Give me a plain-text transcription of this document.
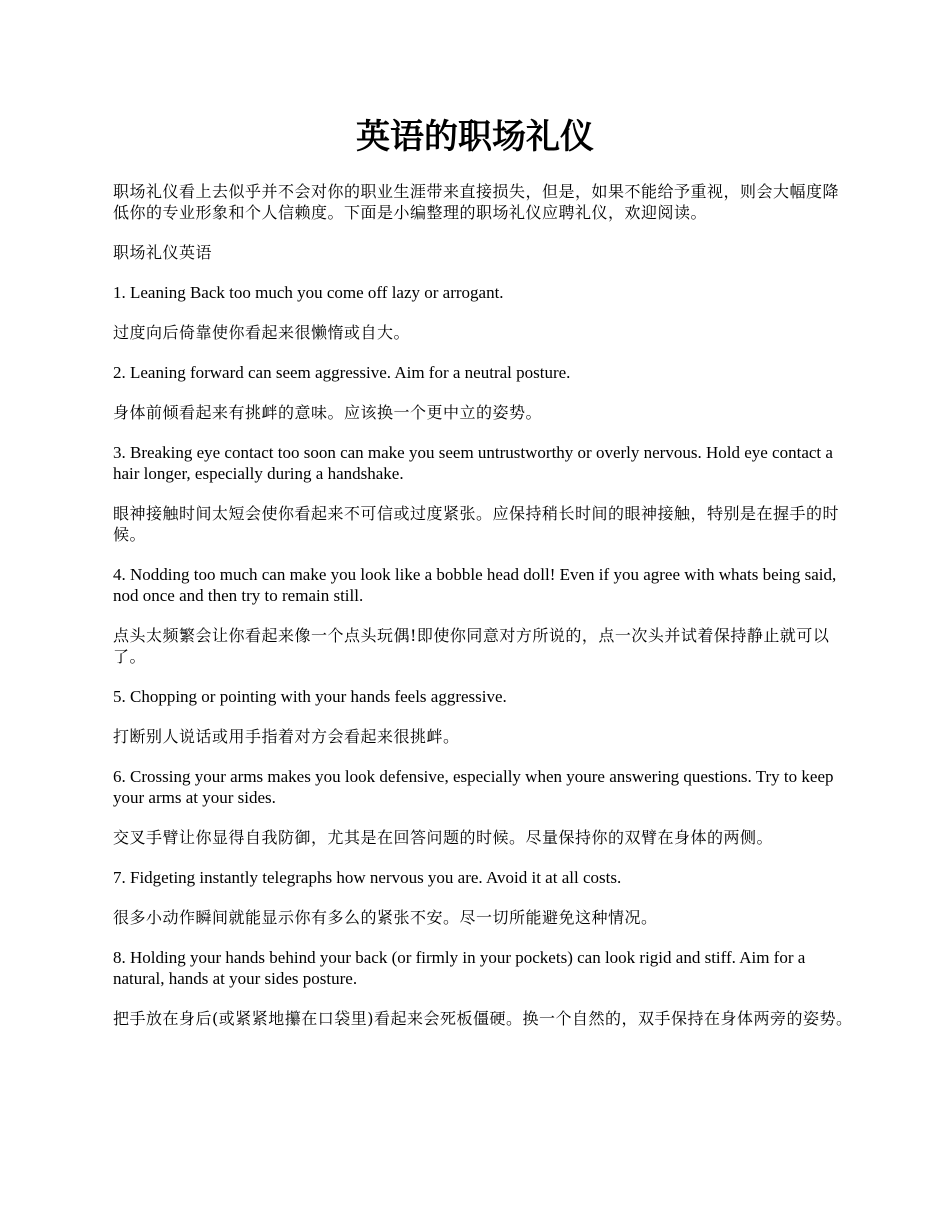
英语的职场礼仪

职场礼仪看上去似乎并不会对你的职业生涯带来直接损失，但是，如果不能给予重视，则会大幅度降低你的专业形象和个人信赖度。下面是小编整理的职场礼仪应聘礼仪，欢迎阅读。

职场礼仪英语

1. Leaning Back too much you come off lazy or arrogant.

过度向后倚靠使你看起来很懒惰或自大。

2. Leaning forward can seem aggressive. Aim for a neutral posture.

身体前倾看起来有挑衅的意味。应该换一个更中立的姿势。

3. Breaking eye contact too soon can make you seem untrustworthy or overly nervous. Hold eye contact a hair longer, especially during a handshake.

眼神接触时间太短会使你看起来不可信或过度紧张。应保持稍长时间的眼神接触，特别是在握手的时候。

4. Nodding too much can make you look like a bobble head doll! Even if you agree with whats being said, nod once and then try to remain still.

点头太频繁会让你看起来像一个点头玩偶!即使你同意对方所说的，点一次头并试着保持静止就可以了。

5. Chopping or pointing with your hands feels aggressive.

打断别人说话或用手指着对方会看起来很挑衅。

6. Crossing your arms makes you look defensive, especially when youre answering questions. Try to keep your arms at your sides.

交叉手臂让你显得自我防御，尤其是在回答问题的时候。尽量保持你的双臂在身体的两侧。

7. Fidgeting instantly telegraphs how nervous you are. Avoid it at all costs.

很多小动作瞬间就能显示你有多么的紧张不安。尽一切所能避免这种情况。

8. Holding your hands behind your back (or firmly in your pockets) can look rigid and stiff. Aim for a natural, hands at your sides posture.

把手放在身后(或紧紧地攥在口袋里)看起来会死板僵硬。换一个自然的，双手保持在身体两旁的姿势。
